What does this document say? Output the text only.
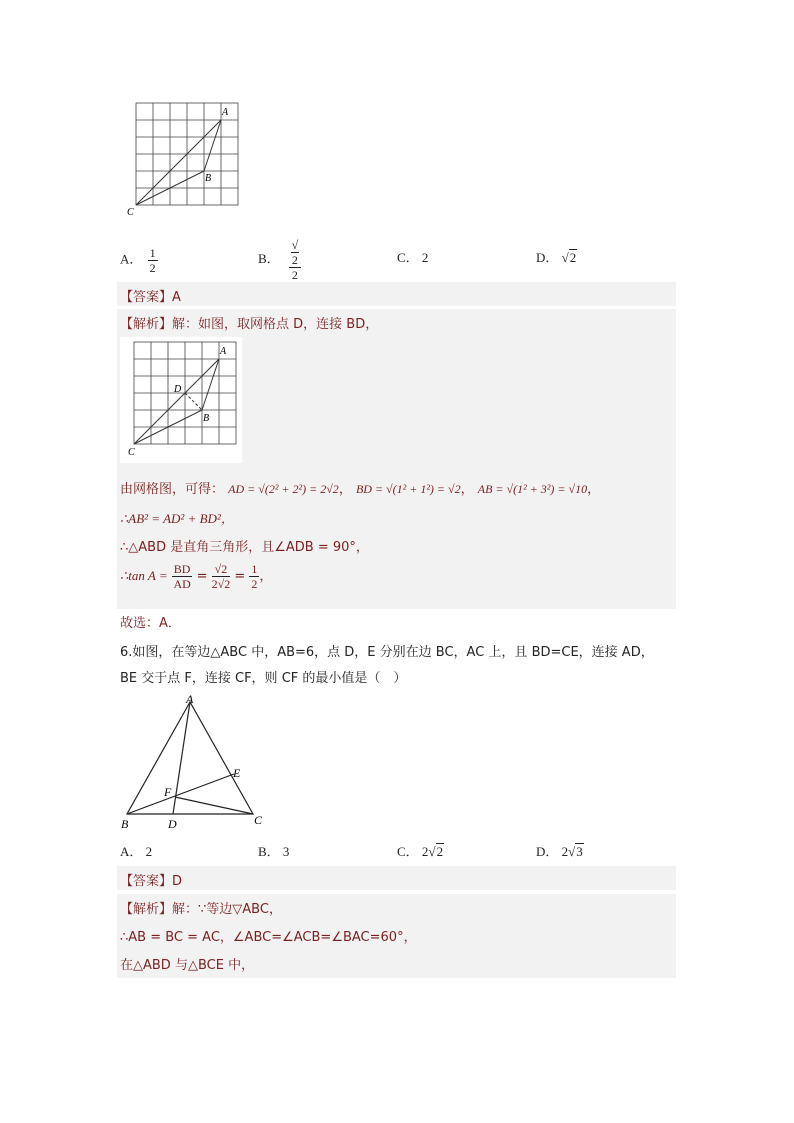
A
B
C
A． $\frac{1}{2}$	B． √
2
2	C． 2	D． √2
【答案】A
【解析】解：如图，取网格点 D，连接 BD，
A
B
C
D
由网格图，可得： AD = √(2² + 2²) = 2√2， BD = √(1² + 1²) = √2， AB = √(1² + 3²) = √10，
∴AB² = AD² + BD²，
∴△ABD 是直角三角形，且∠ADB = 90°，
∴tan $A = \frac{BD}{AD} = \frac{√2}{2√2} = \frac{1}{2}$ ，
故选：A．
6.如图，在等边△ABC 中，AB=6，点 D，E 分别在边 BC，AC 上，且 BD=CE，连接 AD，
BE 交于点 F，连接 CF，则 CF 的最小值是（　）
A
B	C
D
E
F
A． 2	B． 3	C． 2√2	D． 2√3
【答案】D
【解析】解：∵等边▽ABC，
∴AB = BC = AC，∠ABC=∠ACB=∠BAC=60°，
在△ABD 与△BCE 中，
